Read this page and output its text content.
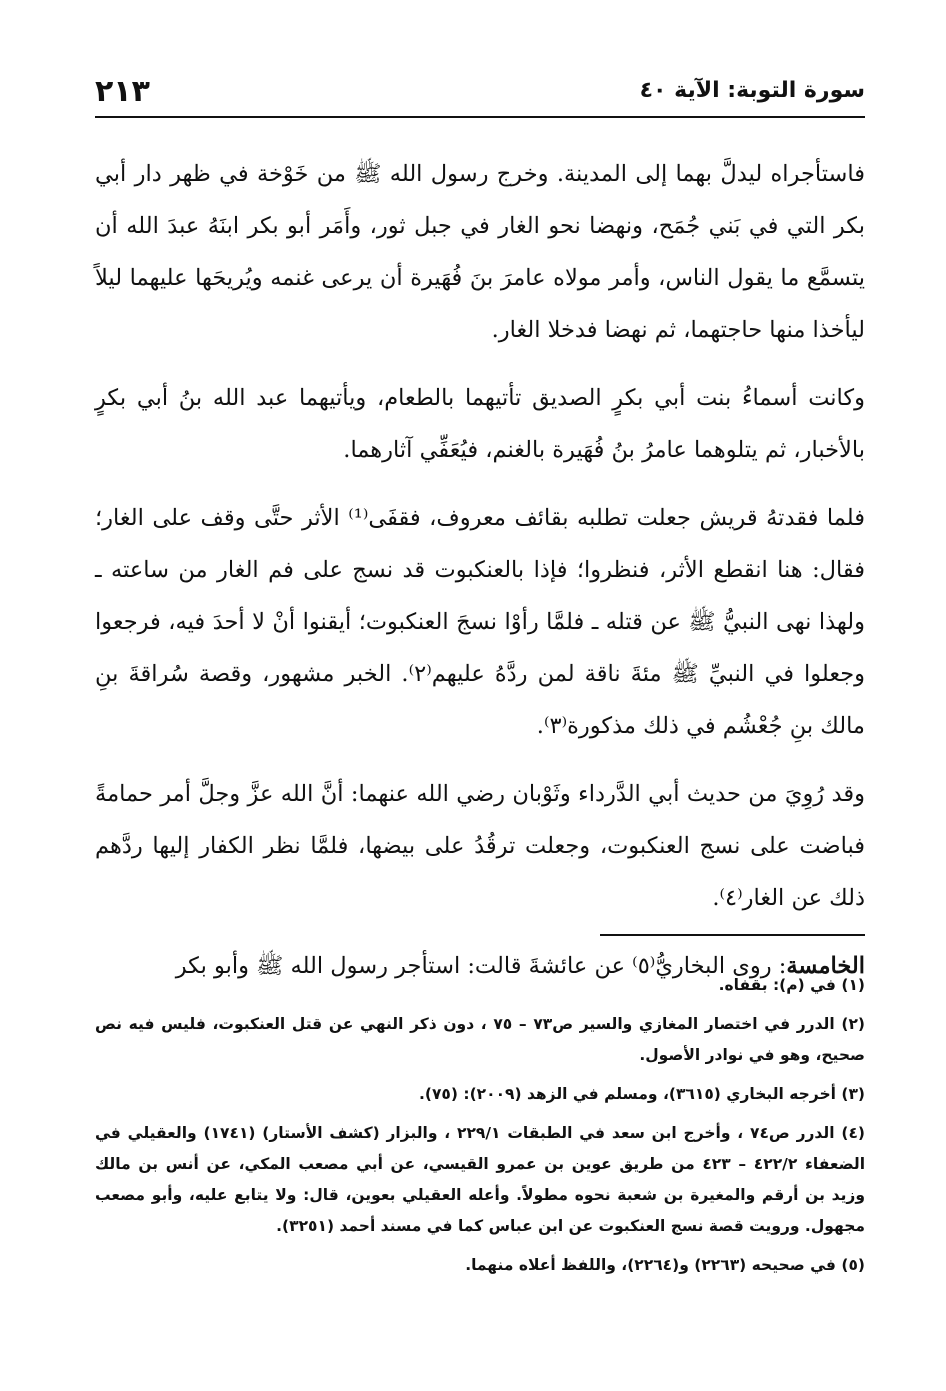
سورة التوبة: الآية ٤٠
٢١٣

فاستأجراه ليدلَّ بهما إلى المدينة. وخرج رسول الله ﷺ من خَوْخة في ظهر دار أبي بكر التي في بَني جُمَح، ونهضا نحو الغار في جبل ثور، وأَمَر أبو بكر ابنَهُ عبدَ الله أن يتسمَّع ما يقول الناس، وأمر مولاه عامرَ بنَ فُهَيرة أن يرعى غنمه ويُريحَها عليهما ليلاً ليأخذا منها حاجتهما، ثم نهضا فدخلا الغار.

وكانت أسماءُ بنت أبي بكرٍ الصديق تأتيهما بالطعام، ويأتيهما عبد الله بنُ أبي بكرٍ بالأخبار، ثم يتلوهما عامرُ بنُ فُهَيرة بالغنم، فيُعَفِّي آثارهما.

فلما فقدتهُ قريش جعلت تطلبه بقائف معروف، فقفَى⁽¹⁾ الأثر حتَّى وقف على الغار؛ فقال: هنا انقطع الأثر، فنظروا؛ فإذا بالعنكبوت قد نسج على فم الغار من ساعته ـ ولهذا نهى النبيُّ ﷺ عن قتله ـ فلمَّا رأوْا نسجَ العنكبوت؛ أيقنوا أنْ لا أحدَ فيه، فرجعوا وجعلوا في النبيِّ ﷺ مئةَ ناقة لمن ردَّهُ عليهم⁽٢⁾. الخبر مشهور، وقصة سُراقةَ بنِ مالك بنِ جُعْشُم في ذلك مذكورة⁽٣⁾.

وقد رُوِيَ من حديث أبي الدَّرداء وثَوْبان رضي الله عنهما: أنَّ الله عزَّ وجلَّ أمر حمامةً فباضت على نسج العنكبوت، وجعلت ترقُدُ على بيضها، فلمَّا نظر الكفار إليها ردَّهم ذلك عن الغار⁽٤⁾.

الخامسة: روى البخاريُّ⁽٥⁾ عن عائشةَ قالت: استأجر رسول الله ﷺ وأبو بكر

(١) في (م): بقفاه.
(٢) الدرر في اختصار المغازي والسير ص٧٣ – ٧٥ ، دون ذكر النهي عن قتل العنكبوت، فليس فيه نص صحيح، وهو في نوادر الأصول.
(٣) أخرجه البخاري (٣٦١٥)، ومسلم في الزهد (٢٠٠٩): (٧٥).
(٤) الدرر ص٧٤ ، وأخرج ابن سعد في الطبقات ٢٢٩/١ ، والبزار (كشف الأستار) (١٧٤١) والعقيلي في الضعفاء ٤٢٢/٢ – ٤٢٣ من طريق عوين بن عمرو القيسي، عن أبي مصعب المكي، عن أنس بن مالك وزيد بن أرقم والمغيرة بن شعبة نحوه مطولاً. وأعله العقيلي بعوين، قال: ولا يتابع عليه، وأبو مصعب مجهول. ورويت قصة نسج العنكبوت عن ابن عباس كما في مسند أحمد (٣٢٥١).
(٥) في صحيحه (٢٢٦٣) و(٢٢٦٤)، واللفظ أعلاه منهما.
